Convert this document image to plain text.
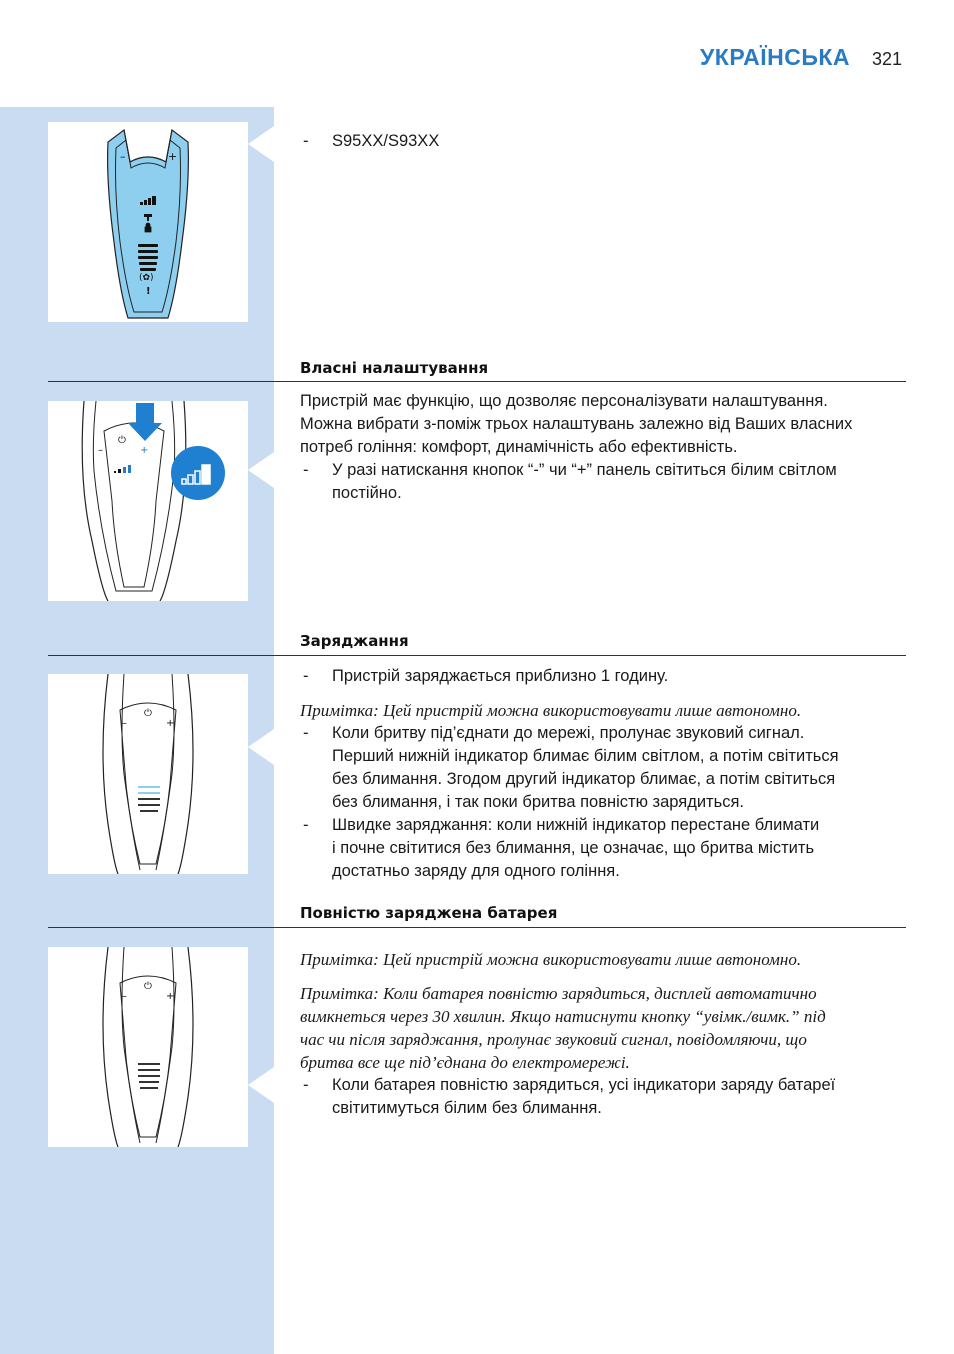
УКРАЇНСЬКА 321
–	+
(✿)
!
- S95XX/S93XX
Власні налаштування
⏻
–	+

Пристрій має функцію, що дозволяє персоналізувати налаштування.

Можна вибрати з-поміж трьох налаштувань залежно від Ваших власних

потреб гоління: комфорт, динамічність або ефективність.

- У разі натискання кнопок “-” чи “+” панель світиться білим світлом
постійно.
Заряджання
⏻
–	+
- Пристрій заряджається приблизно 1 годину.

Примітка: Цей пристрій можна використовувати лише автономно.

- Коли бритву під’єднати до мережі, пролунає звуковий сигнал.
Перший нижній індикатор блимає білим світлом, а потім світиться
без блимання. Згодом другий індикатор блимає, а потім світиться
без блимання, і так поки бритва повністю зарядиться.
- Швидке заряджання: коли нижній індикатор перестане блимати
і почне світитися без блимання, це означає, що бритва містить
достатньо заряду для одного гоління.
Повністю заряджена батарея
⏻
–	+

Примітка: Цей пристрій можна використовувати лише автономно.

Примітка: Коли батарея повністю зарядиться, дисплей автоматично

вимкнеться через 30 хвилин. Якщо натиснути кнопку “увімк./вимк.” під

час чи після заряджання, пролунає звуковий сигнал, повідомляючи, що

бритва все ще під’єднана до електромережі.

- Коли батарея повністю зарядиться, усі індикатори заряду батареї
світитимуться білим без блимання.
